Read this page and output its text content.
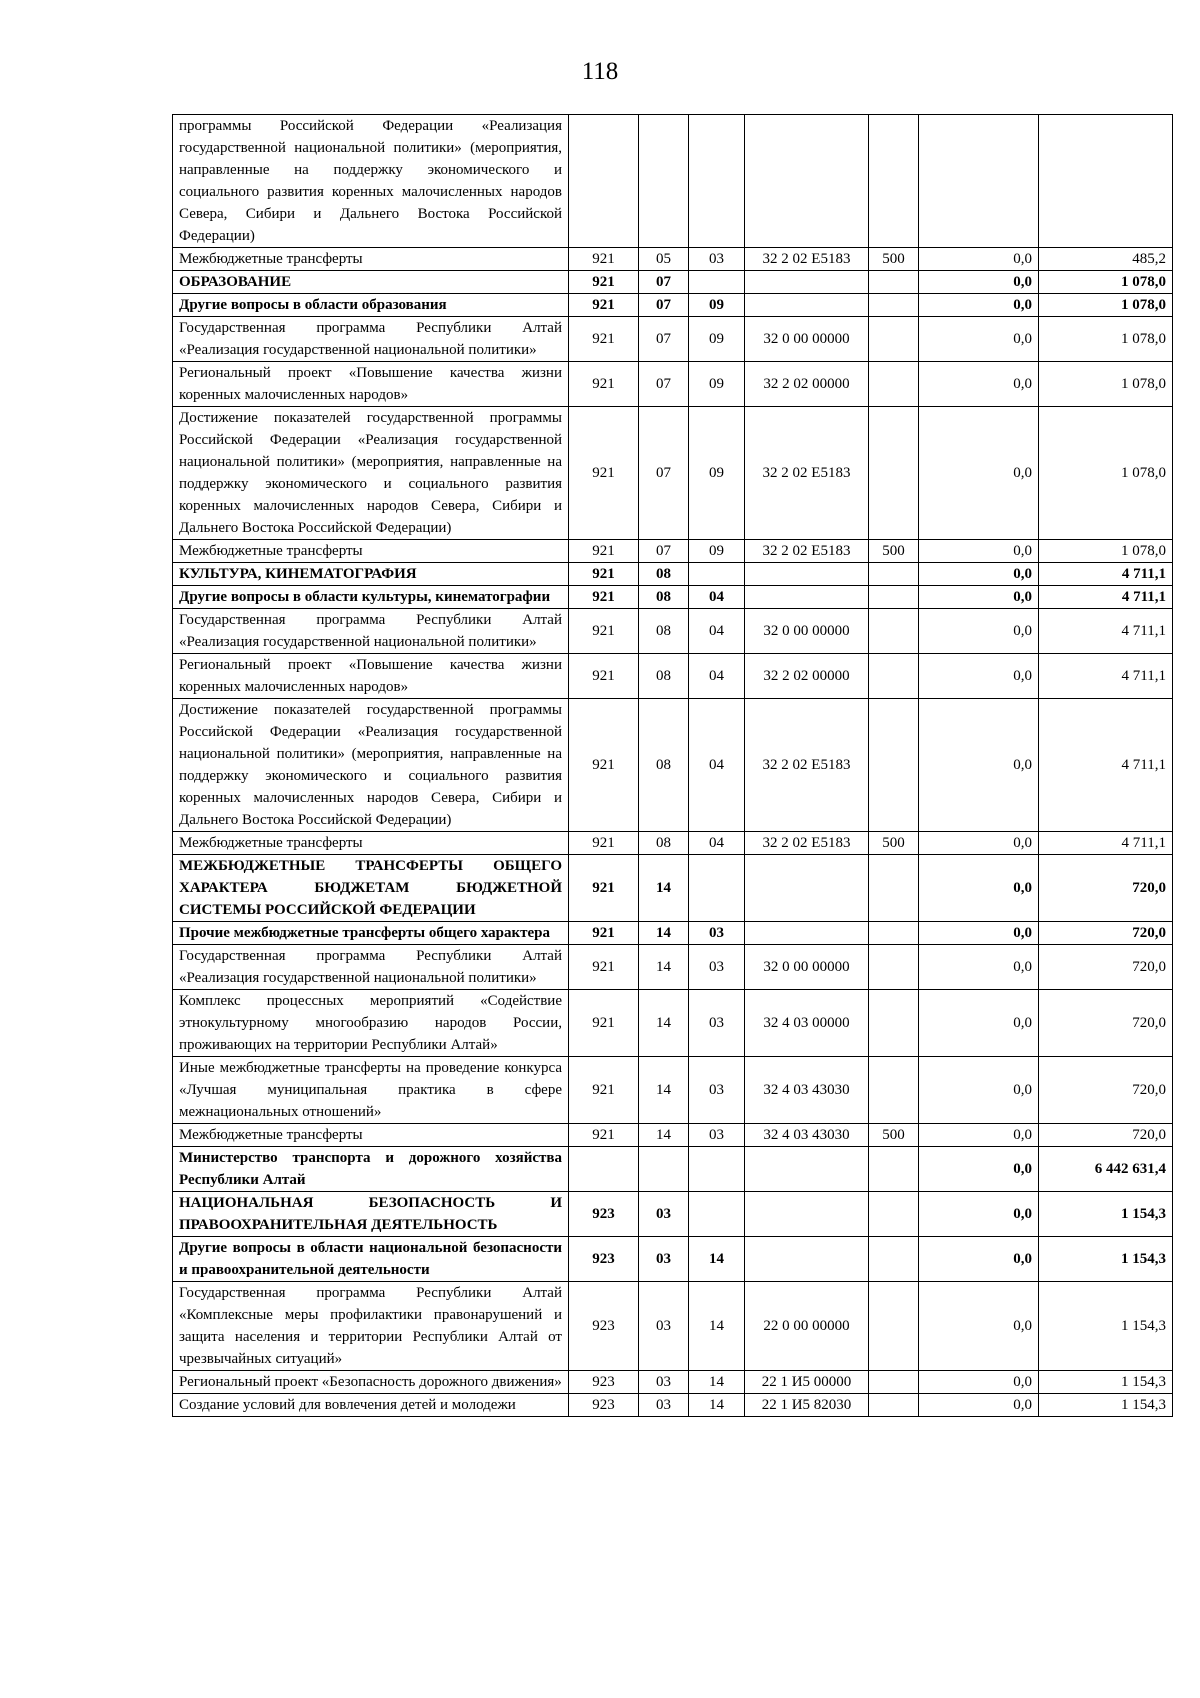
118
программы Российской Федерации «Реализация государственной национальной политики» (мероприятия, направленные на поддержку экономического и социального развития коренных малочисленных народов Севера, Сибири и Дальнего Востока Российской Федерации)							
Межбюджетные трансферты	921	05	03	32 2 02 E5183	500	0,0	485,2
ОБРАЗОВАНИЕ	921	07				0,0	1 078,0
Другие вопросы в области образования	921	07	09			0,0	1 078,0
Государственная программа Республики Алтай «Реализация государственной национальной политики»	921	07	09	32 0 00 00000		0,0	1 078,0
Региональный проект «Повышение качества жизни коренных малочисленных народов»	921	07	09	32 2 02 00000		0,0	1 078,0
Достижение показателей государственной программы Российской Федерации «Реализация государственной национальной политики» (мероприятия, направленные на поддержку экономического и социального развития коренных малочисленных народов Севера, Сибири и Дальнего Востока Российской Федерации)	921	07	09	32 2 02 E5183		0,0	1 078,0
Межбюджетные трансферты	921	07	09	32 2 02 E5183	500	0,0	1 078,0
КУЛЬТУРА, КИНЕМАТОГРАФИЯ	921	08				0,0	4 711,1
Другие вопросы в области культуры, кинематографии	921	08	04			0,0	4 711,1
Государственная программа Республики Алтай «Реализация государственной национальной политики»	921	08	04	32 0 00 00000		0,0	4 711,1
Региональный проект «Повышение качества жизни коренных малочисленных народов»	921	08	04	32 2 02 00000		0,0	4 711,1
Достижение показателей государственной программы Российской Федерации «Реализация государственной национальной политики» (мероприятия, направленные на поддержку экономического и социального развития коренных малочисленных народов Севера, Сибири и Дальнего Востока Российской Федерации)	921	08	04	32 2 02 E5183		0,0	4 711,1
Межбюджетные трансферты	921	08	04	32 2 02 E5183	500	0,0	4 711,1
МЕЖБЮДЖЕТНЫЕ ТРАНСФЕРТЫ ОБЩЕГО ХАРАКТЕРА БЮДЖЕТАМ БЮДЖЕТНОЙ СИСТЕМЫ РОССИЙСКОЙ ФЕДЕРАЦИИ	921	14				0,0	720,0
Прочие межбюджетные трансферты общего характера	921	14	03			0,0	720,0
Государственная программа Республики Алтай «Реализация государственной национальной политики»	921	14	03	32 0 00 00000		0,0	720,0
Комплекс процессных мероприятий «Содействие этнокультурному многообразию народов России, проживающих на территории Республики Алтай»	921	14	03	32 4 03 00000		0,0	720,0
Иные межбюджетные трансферты на проведение конкурса «Лучшая муниципальная практика в сфере межнациональных отношений»	921	14	03	32 4 03 43030		0,0	720,0
Межбюджетные трансферты	921	14	03	32 4 03 43030	500	0,0	720,0
Министерство транспорта и дорожного хозяйства Республики Алтай						0,0	6 442 631,4
НАЦИОНАЛЬНАЯ БЕЗОПАСНОСТЬ И ПРАВООХРАНИТЕЛЬНАЯ ДЕЯТЕЛЬНОСТЬ	923	03				0,0	1 154,3
Другие вопросы в области национальной безопасности и правоохранительной деятельности	923	03	14			0,0	1 154,3
Государственная программа Республики Алтай «Комплексные меры профилактики правонарушений и защита населения и территории Республики Алтай от чрезвычайных ситуаций»	923	03	14	22 0 00 00000		0,0	1 154,3
Региональный проект «Безопасность дорожного движения»	923	03	14	22 1 И5 00000		0,0	1 154,3
Создание условий для вовлечения детей и молодежи	923	03	14	22 1 И5 82030		0,0	1 154,3
